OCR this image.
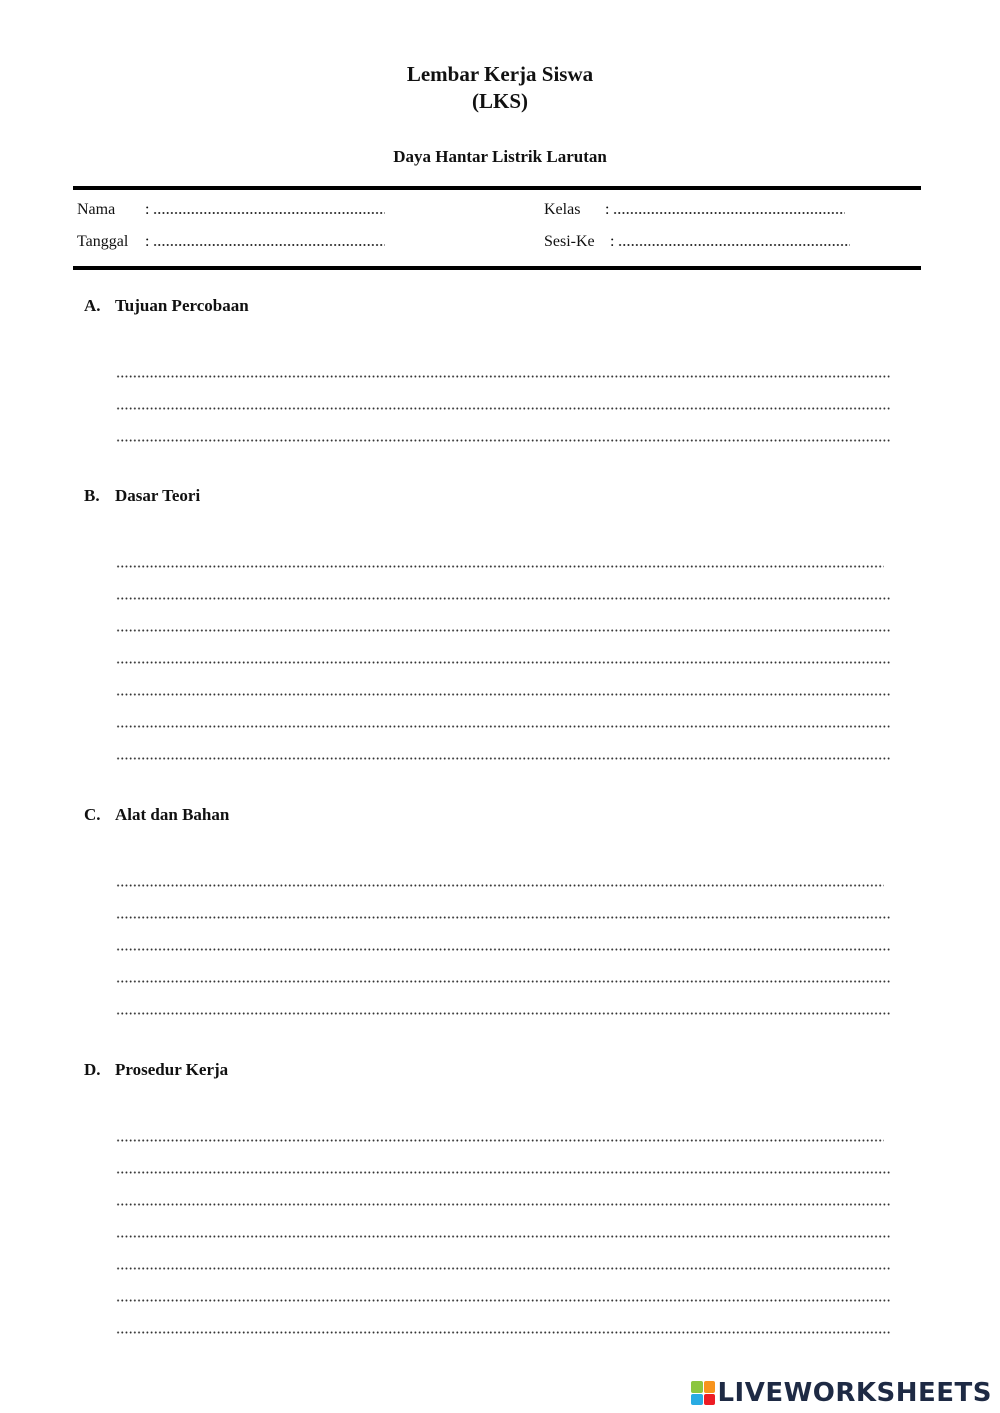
Lembar Kerja Siswa
(LKS)
Daya Hantar Listrik Larutan
Nama :
Tanggal :
Kelas :
Sesi-Ke :
A. Tujuan Percobaan
B. Dasar Teori
C. Alat dan Bahan
D. Prosedur Kerja
LIVEWORKSHEETS
